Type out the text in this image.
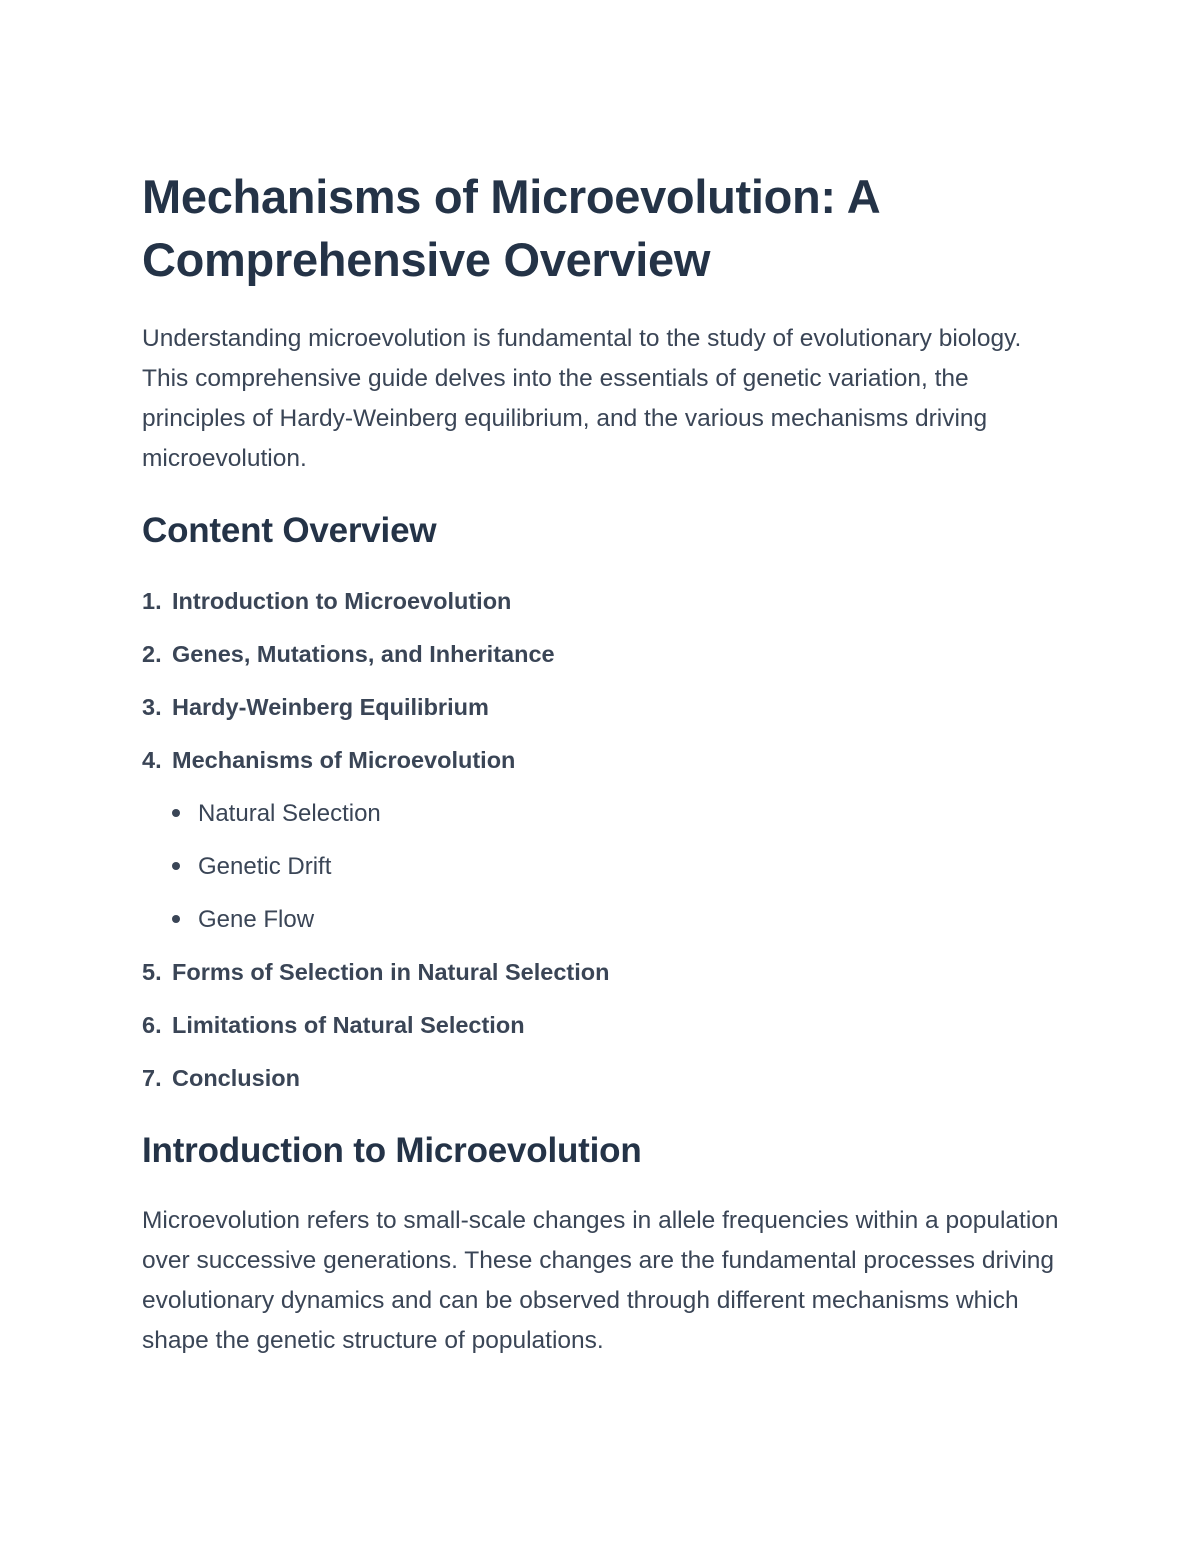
Mechanisms of Microevolution: A Comprehensive Overview

Understanding microevolution is fundamental to the study of evolutionary biology. This comprehensive guide delves into the essentials of genetic variation, the principles of Hardy-Weinberg equilibrium, and the various mechanisms driving microevolution.

Content Overview
1. Introduction to Microevolution
2. Genes, Mutations, and Inheritance
3. Hardy-Weinberg Equilibrium
4. Mechanisms of Microevolution
Natural Selection
Genetic Drift
Gene Flow
5. Forms of Selection in Natural Selection
6. Limitations of Natural Selection
7. Conclusion
Introduction to Microevolution

Microevolution refers to small-scale changes in allele frequencies within a population over successive generations. These changes are the fundamental processes driving evolutionary dynamics and can be observed through different mechanisms which shape the genetic structure of populations.
